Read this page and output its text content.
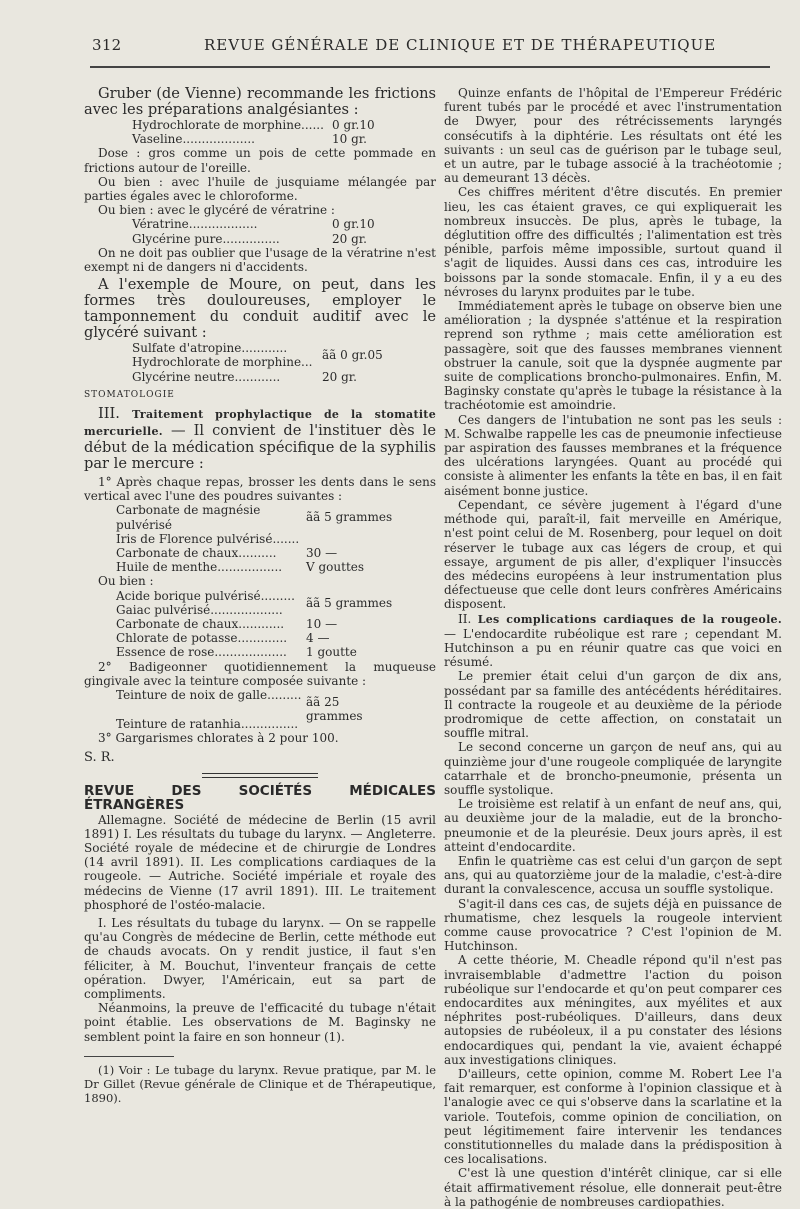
312	REVUE GÉNÉRALE DE CLINIQUE ET DE THÉRAPEUTIQUE

Gruber (de Vienne) recommande les frictions avec les préparations analgésiantes :

Hydrochlorate de morphine...... 0 gr.10
Vaseline...................	10 gr.

Dose : gros comme un pois de cette pommade en frictions autour de l'oreille.

Ou bien : avec l'huile de jusquiame mélangée par parties égales avec le chloroforme.

Ou bien : avec le glycéré de vératrine :

Vératrine..................	0 gr.10
Glycérine pure...............	20 gr.

On ne doit pas oublier que l'usage de la vératrine n'est exempt ni de dangers ni d'accidents.

A l'exemple de Moure, on peut, dans les formes très douloureuses, employer le tamponnement du conduit auditif avec le glycéré suivant :

Sulfate d'atropine............
Hydrochlorate de morphine... ãã 0 gr.05
Glycérine neutre............	20 gr.

STOMATOLOGIE

III. Traitement prophylactique de la stomatite mercurielle. — Il convient de l'instituer dès le début de la médication spécifique de la syphilis par le mercure :

1° Après chaque repas, brosser les dents dans le sens vertical avec l'une des poudres suivantes :

Carbonate de magnésie pulvérisé
ãã 5 grammes
Iris de Florence pulvérisé.......
Carbonate de chaux..........	30 —
Huile de menthe.................	V gouttes

Ou bien :

Acide borique pulvérisé......... ãã 5 grammes
Gaiac pulvérisé...................
Carbonate de chaux............	10 —
Chlorate de potasse.............	4 —
Essence de rose...................	1 goutte

2° Badigeonner quotidiennement la muqueuse gingivale avec la teinture composée suivante :

Teinture de noix de galle......... ãã 25 grammes
Teinture de ratanhia...............

3° Gargarismes chlorates à 2 pour 100.

S. R.

REVUE DES SOCIÉTÉS MÉDICALES ÉTRANGÈRES

Allemagne. Société de médecine de Berlin (15 avril 1891) I. Les résultats du tubage du larynx. — Angleterre. Société royale de médecine et de chirurgie de Londres (14 avril 1891). II. Les complications cardiaques de la rougeole. — Autriche. Société impériale et royale des médecins de Vienne (17 avril 1891). III. Le traitement phosphoré de l'ostéo-malacie.

I. Les résultats du tubage du larynx. — On se rappelle qu'au Congrès de médecine de Berlin, cette méthode eut de chauds avocats. On y rendit justice, il faut s'en féliciter, à M. Bouchut, l'inventeur français de cette opération. Dwyer, l'Américain, eut sa part de compliments.

Néanmoins, la preuve de l'efficacité du tubage n'était point établie. Les observations de M. Baginsky ne semblent point la faire en son honneur (1).

(1) Voir : Le tubage du larynx. Revue pratique, par M. le Dr Gillet (Revue générale de Clinique et de Thérapeutique, 1890).

Quinze enfants de l'hôpital de l'Empereur Frédéric furent tubés par le procédé et avec l'instrumentation de Dwyer, pour des rétrécissements laryngés consécutifs à la diphtérie. Les résultats ont été les suivants : un seul cas de guérison par le tubage seul, et un autre, par le tubage associé à la trachéotomie ; au demeurant 13 décès.

Ces chiffres méritent d'être discutés. En premier lieu, les cas étaient graves, ce qui expliquerait les nombreux insuccès. De plus, après le tubage, la déglutition offre des difficultés ; l'alimentation est très pénible, parfois même impossible, surtout quand il s'agit de liquides. Aussi dans ces cas, introduire les boissons par la sonde stomacale. Enfin, il y a eu des névroses du larynx produites par le tube.

Immédiatement après le tubage on observe bien une amélioration ; la dyspnée s'atténue et la respiration reprend son rythme ; mais cette amélioration est passagère, soit que des fausses membranes viennent obstruer la canule, soit que la dyspnée augmente par suite de complications broncho-pulmonaires. Enfin, M. Baginsky constate qu'après le tubage la résistance à la trachéotomie est amoindrie.

Ces dangers de l'intubation ne sont pas les seuls : M. Schwalbe rappelle les cas de pneumonie infectieuse par aspiration des fausses membranes et la fréquence des ulcérations laryngées. Quant au procédé qui consiste à alimenter les enfants la tête en bas, il en fait aisément bonne justice.

Cependant, ce sévère jugement à l'égard d'une méthode qui, paraît-il, fait merveille en Amérique, n'est point celui de M. Rosenberg, pour lequel on doit réserver le tubage aux cas légers de croup, et qui essaye, argument de pis aller, d'expliquer l'insuccès des médecins européens à leur instrumentation plus défectueuse que celle dont leurs confrères Américains disposent.

II. Les complications cardiaques de la rougeole. — L'endocardite rubéolique est rare ; cependant M. Hutchinson a pu en réunir quatre cas que voici en résumé.

Le premier était celui d'un garçon de dix ans, possédant par sa famille des antécédents héréditaires. Il contracte la rougeole et au deuxième de la période prodromique de cette affection, on constatait un souffle mitral.

Le second concerne un garçon de neuf ans, qui au quinzième jour d'une rougeole compliquée de laryngite catarrhale et de broncho-pneumonie, présenta un souffle systolique.

Le troisième est relatif à un enfant de neuf ans, qui, au deuxième jour de la maladie, eut de la broncho-pneumonie et de la pleurésie. Deux jours après, il est atteint d'endocardite.

Enfin le quatrième cas est celui d'un garçon de sept ans, qui au quatorzième jour de la maladie, c'est-à-dire durant la convalescence, accusa un souffle systolique.

S'agit-il dans ces cas, de sujets déjà en puissance de rhumatisme, chez lesquels la rougeole intervient comme cause provocatrice ? C'est l'opinion de M. Hutchinson.

A cette théorie, M. Cheadle répond qu'il n'est pas invraisemblable d'admettre l'action du poison rubéolique sur l'endocarde et qu'on peut comparer ces endocardites aux méningites, aux myélites et aux néphrites post-rubéoliques. D'ailleurs, dans deux autopsies de rubéoleux, il a pu constater des lésions endocardiques qui, pendant la vie, avaient échappé aux investigations cliniques.

D'ailleurs, cette opinion, comme M. Robert Lee l'a fait remarquer, est conforme à l'opinion classique et à l'analogie avec ce qui s'observe dans la scarlatine et la variole. Toutefois, comme opinion de conciliation, on peut légitimement faire intervenir les tendances constitutionnelles du malade dans la prédisposition à ces localisations.

C'est là une question d'intérêt clinique, car si elle était affirmativement résolue, elle donnerait peut-être à la pathogénie de nombreuses cardiopathies.
